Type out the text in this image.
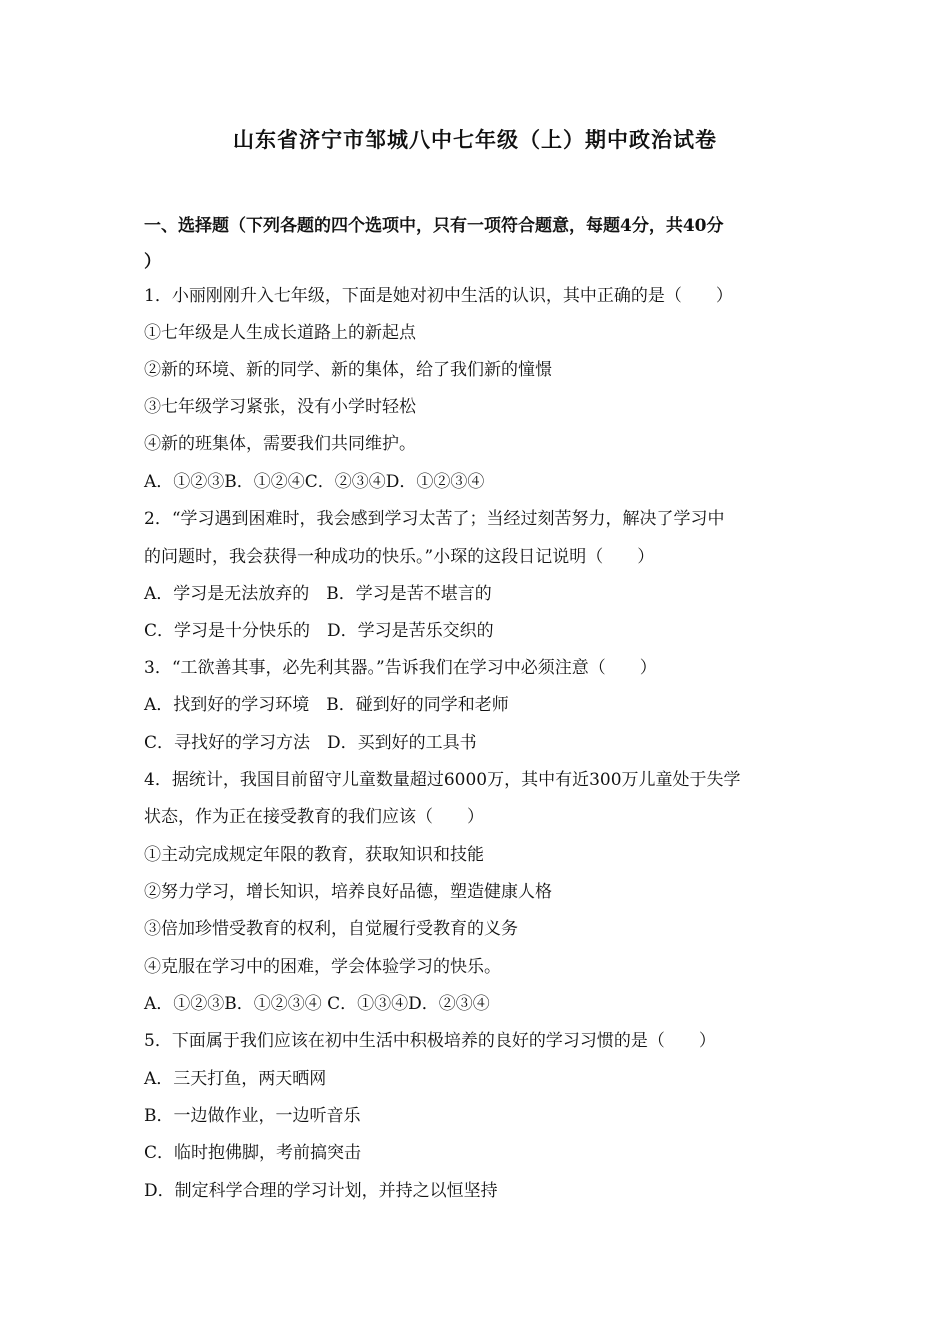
山东省济宁市邹城八中七年级（上）期中政治试卷
一、选择题（下列各题的四个选项中，只有一项符合题意，每题4分，共40分
）
1．小丽刚刚升入七年级，下面是她对初中生活的认识，其中正确的是（　　）
①七年级是人生成长道路上的新起点
②新的环境、新的同学、新的集体，给了我们新的憧憬
③七年级学习紧张，没有小学时轻松
④新的班集体，需要我们共同维护。
A．①②③B．①②④C．②③④D．①②③④
2．“学习遇到困难时，我会感到学习太苦了；当经过刻苦努力，解决了学习中
的问题时，我会获得一种成功的快乐。”小琛的这段日记说明（　　）
A．学习是无法放弃的　B．学习是苦不堪言的
C．学习是十分快乐的　D．学习是苦乐交织的
3．“工欲善其事，必先利其器。”告诉我们在学习中必须注意（　　）
A．找到好的学习环境　B．碰到好的同学和老师
C．寻找好的学习方法　D．买到好的工具书
4．据统计，我国目前留守儿童数量超过6000万，其中有近300万儿童处于失学
状态，作为正在接受教育的我们应该（　　）
①主动完成规定年限的教育，获取知识和技能
②努力学习，增长知识，培养良好品德，塑造健康人格
③倍加珍惜受教育的权利，自觉履行受教育的义务
④克服在学习中的困难，学会体验学习的快乐。
A．①②③B．①②③④ C．①③④D．②③④
5．下面属于我们应该在初中生活中积极培养的良好的学习习惯的是（　　）
A．三天打鱼，两天晒网
B．一边做作业，一边听音乐
C．临时抱佛脚，考前搞突击
D．制定科学合理的学习计划，并持之以恒坚持
